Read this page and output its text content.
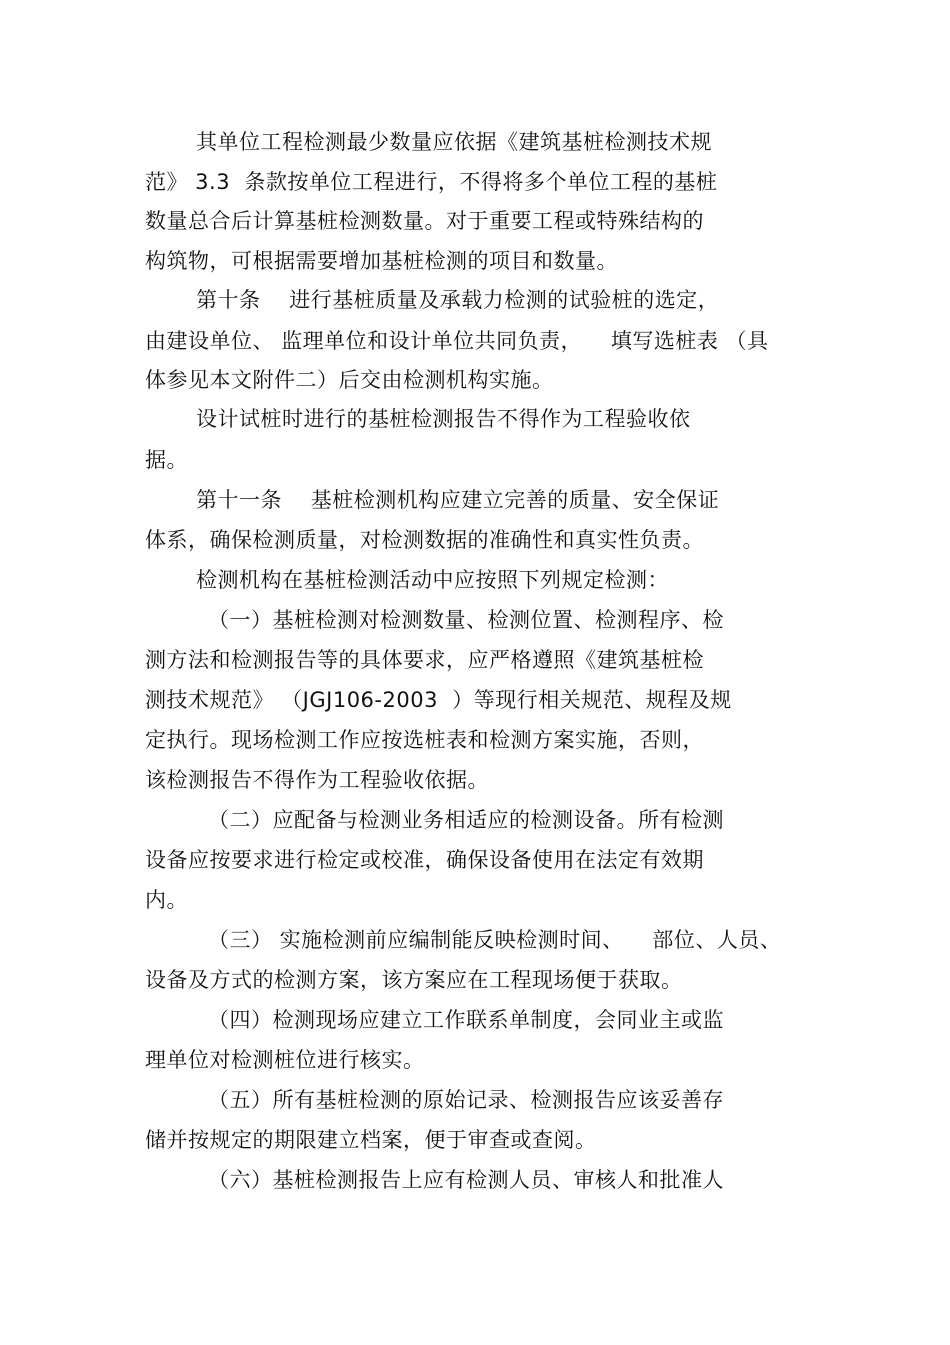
其单位工程检测最少数量应依据《建筑基桩检测技术规
范》 3.3  条款按单位工程进行，不得将多个单位工程的基桩
数量总合后计算基桩检测数量。对于重要工程或特殊结构的
构筑物，可根据需要增加基桩检测的项目和数量。
第十条    进行基桩质量及承载力检测的试验桩的选定，
由建设单位、 监理单位和设计单位共同负责，    填写选桩表 （具
体参见本文附件二）后交由检测机构实施。
设计试桩时进行的基桩检测报告不得作为工程验收依
据。
第十一条    基桩检测机构应建立完善的质量、安全保证
体系，确保检测质量，对检测数据的准确性和真实性负责。
检测机构在基桩检测活动中应按照下列规定检测：
（一）基桩检测对检测数量、检测位置、检测程序、检
测方法和检测报告等的具体要求，应严格遵照《建筑基桩检
测技术规范》 （JGJ106-2003  ）等现行相关规范、规程及规
定执行。现场检测工作应按选桩表和检测方案实施，否则，
该检测报告不得作为工程验收依据。
（二）应配备与检测业务相适应的检测设备。所有检测
设备应按要求进行检定或校准，确保设备使用在法定有效期
内。
（三） 实施检测前应编制能反映检测时间、    部位、人员、
设备及方式的检测方案，该方案应在工程现场便于获取。
（四）检测现场应建立工作联系单制度，会同业主或监
理单位对检测桩位进行核实。
（五）所有基桩检测的原始记录、检测报告应该妥善存
储并按规定的期限建立档案，便于审查或查阅。
（六）基桩检测报告上应有检测人员、审核人和批准人
